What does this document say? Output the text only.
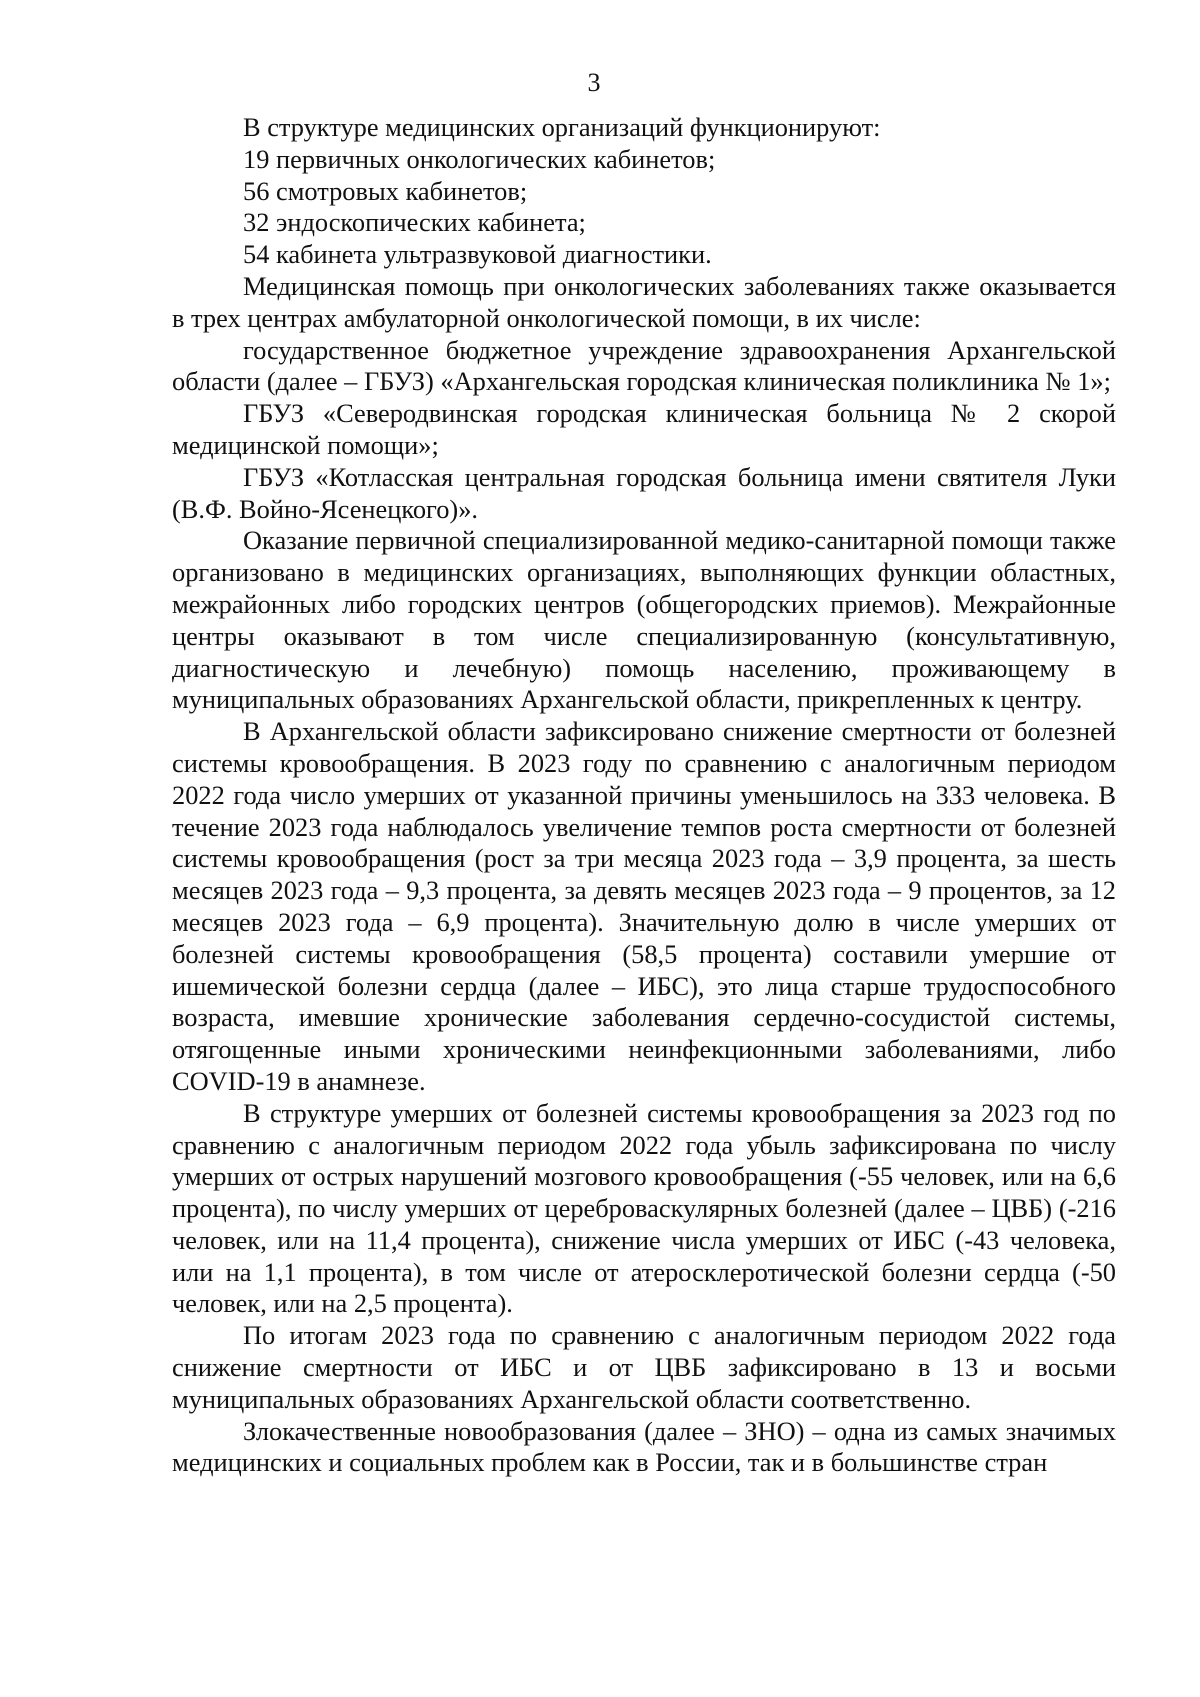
3

В структуре медицинских организаций функционируют:

19 первичных онкологических кабинетов;

56 смотровых кабинетов;

32 эндоскопических кабинета;

54 кабинета ультразвуковой диагностики.

Медицинская помощь при онкологических заболеваниях также оказывается в трех центрах амбулаторной онкологической помощи, в их числе:

государственное бюджетное учреждение здравоохранения Архангельской области (далее – ГБУЗ) «Архангельская городская клиническая поликлиника № 1»;

ГБУЗ «Северодвинская городская клиническая больница № 2 скорой медицинской помощи»;

ГБУЗ «Котласская центральная городская больница имени святителя Луки (В.Ф. Войно-Ясенецкого)».

Оказание первичной специализированной медико-санитарной помощи также организовано в медицинских организациях, выполняющих функции областных, межрайонных либо городских центров (общегородских приемов). Межрайонные центры оказывают в том числе специализированную (консультативную, диагностическую и лечебную) помощь населению, проживающему в муниципальных образованиях Архангельской области, прикрепленных к центру.

В Архангельской области зафиксировано снижение смертности от болезней системы кровообращения. В 2023 году по сравнению с аналогичным периодом 2022 года число умерших от указанной причины уменьшилось на 333 человека. В течение 2023 года наблюдалось увеличение темпов роста смертности от болезней системы кровообращения (рост за три месяца 2023 года – 3,9 процента, за шесть месяцев 2023 года – 9,3 процента, за девять месяцев 2023 года – 9 процентов, за 12 месяцев 2023 года – 6,9 процента). Значительную долю в числе умерших от болезней системы кровообращения (58,5 процента) составили умершие от ишемической болезни сердца (далее – ИБС), это лица старше трудоспособного возраста, имевшие хронические заболевания сердечно-сосудистой системы, отягощенные иными хроническими неинфекционными заболеваниями, либо COVID-19 в анамнезе.

В структуре умерших от болезней системы кровообращения за 2023 год по сравнению с аналогичным периодом 2022 года убыль зафиксирована по числу умерших от острых нарушений мозгового кровообращения (-55 человек, или на 6,6 процента), по числу умерших от цереброваскулярных болезней (далее – ЦВБ) (-216 человек, или на 11,4 процента), снижение числа умерших от ИБС (-43 человека, или на 1,1 процента), в том числе от атеросклеротической болезни сердца (-50 человек, или на 2,5 процента).

По итогам 2023 года по сравнению с аналогичным периодом 2022 года снижение смертности от ИБС и от ЦВБ зафиксировано в 13 и восьми муниципальных образованиях Архангельской области соответственно.

Злокачественные новообразования (далее – ЗНО) – одна из самых значимых медицинских и социальных проблем как в России, так и в большинстве стран
